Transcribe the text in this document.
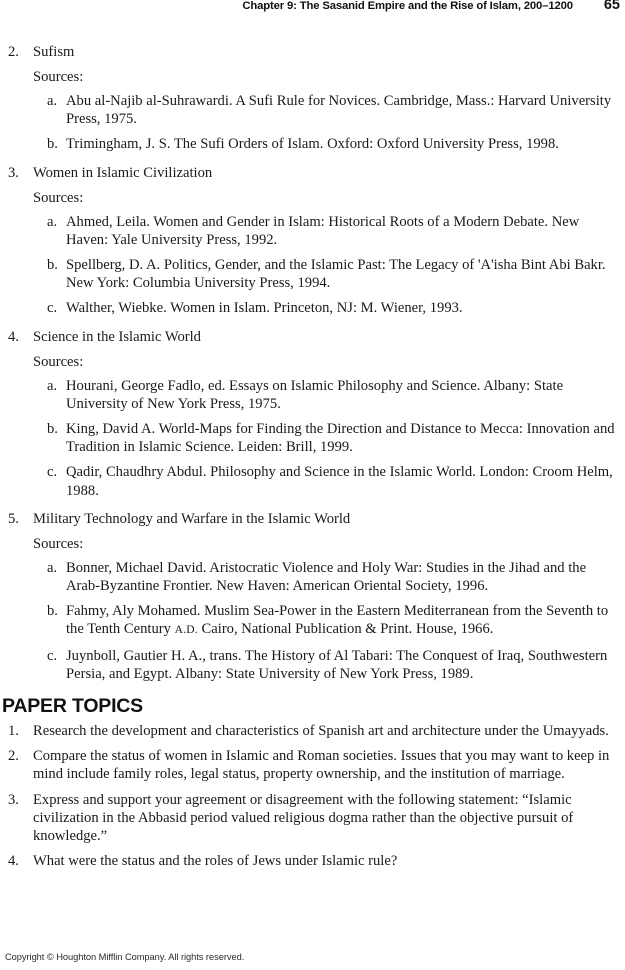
Chapter 9: The Sasanid Empire and the Rise of Islam, 200–1200 65
2. Sufism
Sources:
a. Abu al-Najib al-Suhrawardi. A Sufi Rule for Novices. Cambridge, Mass.: Harvard University Press, 1975.
b. Trimingham, J. S. The Sufi Orders of Islam. Oxford: Oxford University Press, 1998.
3. Women in Islamic Civilization
Sources:
a. Ahmed, Leila. Women and Gender in Islam: Historical Roots of a Modern Debate. New Haven: Yale University Press, 1992.
b. Spellberg, D. A. Politics, Gender, and the Islamic Past: The Legacy of 'A'isha Bint Abi Bakr. New York: Columbia University Press, 1994.
c. Walther, Wiebke. Women in Islam. Princeton, NJ: M. Wiener, 1993.
4. Science in the Islamic World
Sources:
a. Hourani, George Fadlo, ed. Essays on Islamic Philosophy and Science. Albany: State University of New York Press, 1975.
b. King, David A. World-Maps for Finding the Direction and Distance to Mecca: Innovation and Tradition in Islamic Science. Leiden: Brill, 1999.
c. Qadir, Chaudhry Abdul. Philosophy and Science in the Islamic World. London: Croom Helm, 1988.
5. Military Technology and Warfare in the Islamic World
Sources:
a. Bonner, Michael David. Aristocratic Violence and Holy War: Studies in the Jihad and the Arab-Byzantine Frontier. New Haven: American Oriental Society, 1996.
b. Fahmy, Aly Mohamed. Muslim Sea-Power in the Eastern Mediterranean from the Seventh to the Tenth Century A.D. Cairo, National Publication & Print. House, 1966.
c. Juynboll, Gautier H. A., trans. The History of Al Tabari: The Conquest of Iraq, Southwestern Persia, and Egypt. Albany: State University of New York Press, 1989.
PAPER TOPICS
1. Research the development and characteristics of Spanish art and architecture under the Umayyads.
2. Compare the status of women in Islamic and Roman societies. Issues that you may want to keep in mind include family roles, legal status, property ownership, and the institution of marriage.
3. Express and support your agreement or disagreement with the following statement: “Islamic civilization in the Abbasid period valued religious dogma rather than the objective pursuit of knowledge.”
4. What were the status and the roles of Jews under Islamic rule?
Copyright © Houghton Mifflin Company. All rights reserved.
